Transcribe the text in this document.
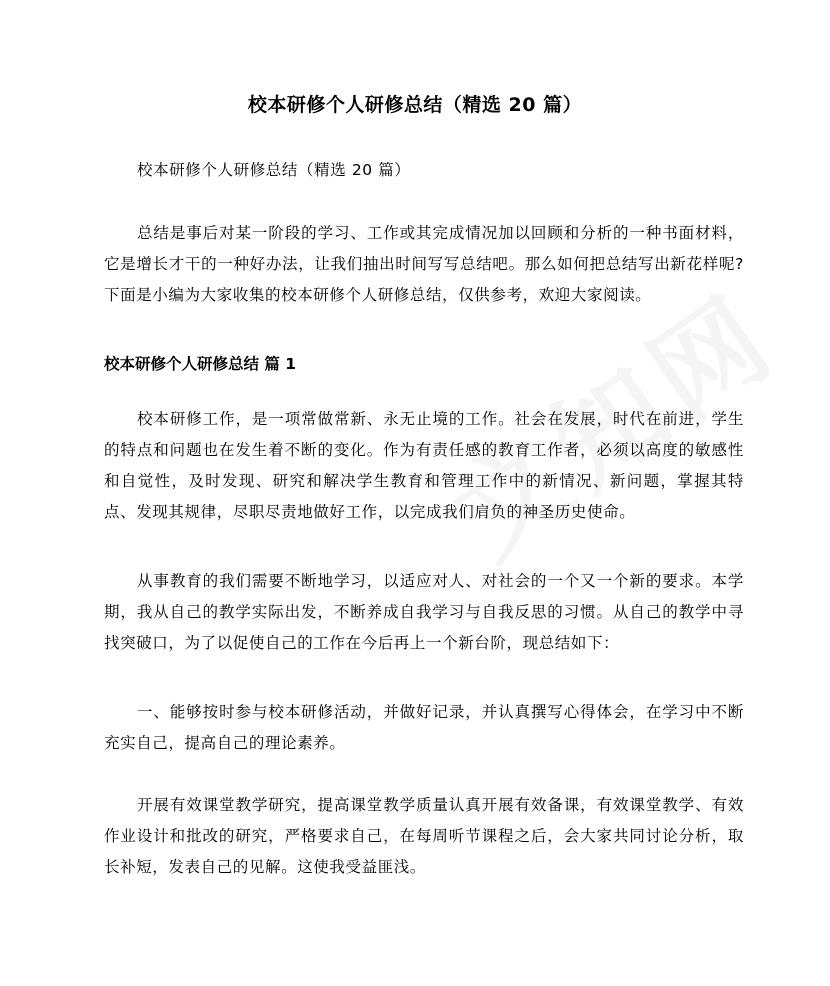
校本研修个人研修总结（精选 20 篇）
校本研修个人研修总结（精选 20 篇）
总结是事后对某一阶段的学习、工作或其完成情况加以回顾和分析的一种书面材料，它是增长才干的一种好办法，让我们抽出时间写写总结吧。那么如何把总结写出新花样呢?下面是小编为大家收集的校本研修个人研修总结，仅供参考，欢迎大家阅读。
校本研修个人研修总结 篇 1
校本研修工作，是一项常做常新、永无止境的工作。社会在发展，时代在前进，学生的特点和问题也在发生着不断的变化。作为有责任感的教育工作者，必须以高度的敏感性和自觉性，及时发现、研究和解决学生教育和管理工作中的新情况、新问题，掌握其特点、发现其规律，尽职尽责地做好工作，以完成我们肩负的神圣历史使命。
从事教育的我们需要不断地学习，以适应对人、对社会的一个又一个新的要求。本学期，我从自己的教学实际出发，不断养成自我学习与自我反思的习惯。从自己的教学中寻找突破口，为了以促使自己的工作在今后再上一个新台阶，现总结如下：
一、能够按时参与校本研修活动，并做好记录，并认真撰写心得体会，在学习中不断充实自己，提高自己的理论素养。
开展有效课堂教学研究，提高课堂教学质量认真开展有效备课，有效课堂教学、有效作业设计和批改的研究，严格要求自己，在每周听节课程之后，会大家共同讨论分析，取长补短，发表自己的见解。这使我受益匪浅。
